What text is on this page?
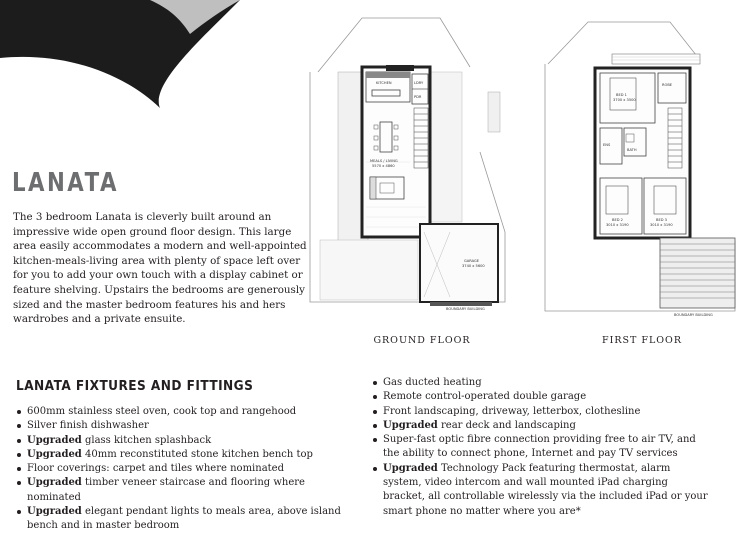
LANATA

The 3 bedroom Lanata is cleverly built around an impressive wide open ground floor design. This large area easily accommodates a modern and well-appointed kitchen-meals-living area with plenty of space left over for you to add your own touch with a display cabinet or feature shelving. Upstairs the bedrooms are generously sized and the master bedroom features his and hers wardrobes and a private ensuite.

KITCHEN	LDRY
PDR
MEALS / LIVING
5570 x 4860
GARAGE
3740 x 5600
BOUNDARY BUILDING
GROUND FLOOR
BED 1
3700 x 3500
ROBE
ENS
BATH
BED 2
3010 x 3190
BED 3
3010 x 3190
BOUNDARY BUILDING
FIRST FLOOR
LANATA FIXTURES AND FITTINGS
600mm stainless steel oven, cook top and rangehood
Silver finish dishwasher
Upgraded glass kitchen splashback
Upgraded 40mm reconstituted stone kitchen bench top
Floor coverings: carpet and tiles where nominated
Upgraded timber veneer staircase and flooring where nominated
Upgraded elegant pendant lights to meals area, above island bench and in master bedroom
Gas ducted heating
Remote control-operated double garage
Front landscaping, driveway, letterbox, clothesline
Upgraded rear deck and landscaping
Super-fast optic fibre connection providing free to air TV, and the ability to connect phone, Internet and pay TV services
Upgraded Technology Pack featuring thermostat, alarm system, video intercom and wall mounted iPad charging bracket, all controllable wirelessly via the included iPad or your smart phone no matter where you are*
